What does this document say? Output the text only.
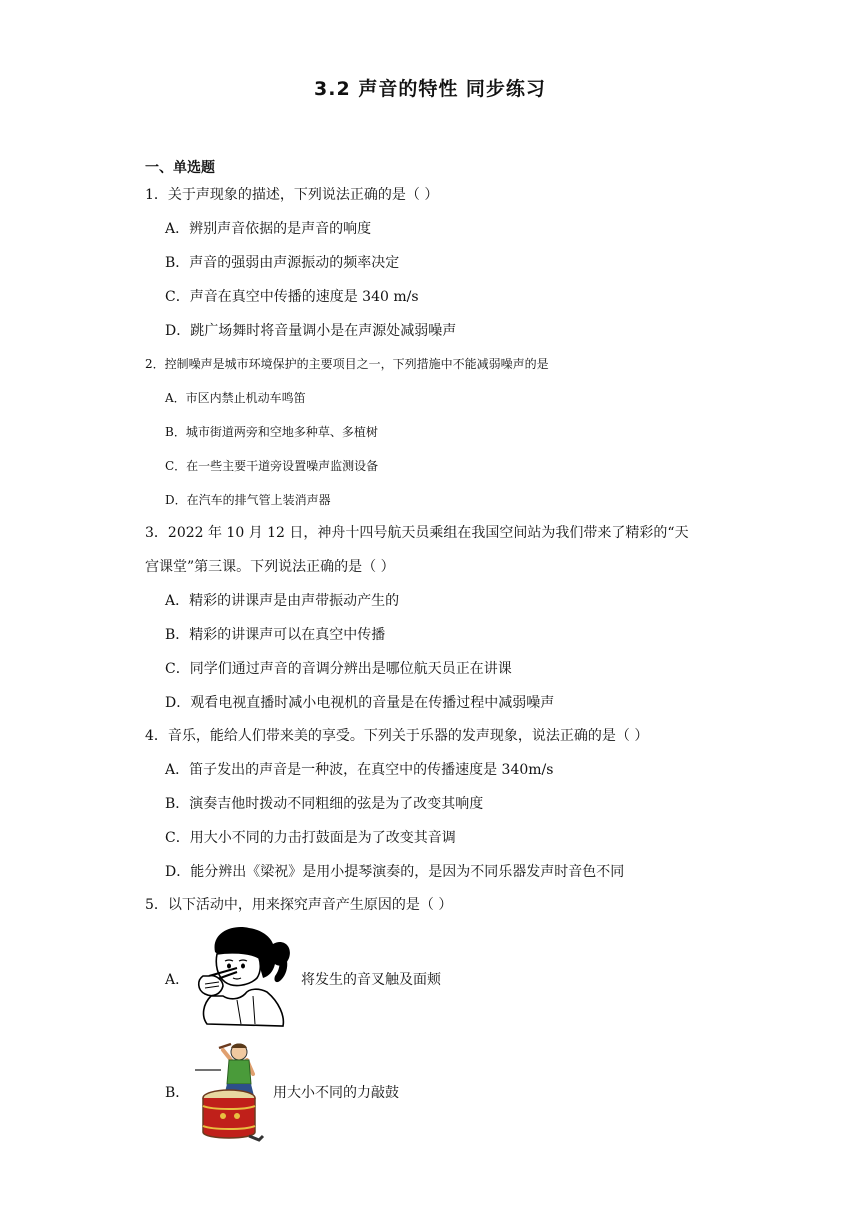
3.2 声音的特性 同步练习
一、单选题
1．关于声现象的描述，下列说法正确的是（ ）
A．辨别声音依据的是声音的响度
B．声音的强弱由声源振动的频率决定
C．声音在真空中传播的速度是 340 m/s
D．跳广场舞时将音量调小是在声源处减弱噪声
2．控制噪声是城市环境保护的主要项目之一，下列措施中不能减弱噪声的是
A．市区内禁止机动车鸣笛
B．城市街道两旁和空地多种草、多植树
C．在一些主要干道旁设置噪声监测设备
D．在汽车的排气管上装消声器
3．2022 年 10 月 12 日，神舟十四号航天员乘组在我国空间站为我们带来了精彩的“天
宫课堂”第三课。下列说法正确的是（ ）
A．精彩的讲课声是由声带振动产生的
B．精彩的讲课声可以在真空中传播
C．同学们通过声音的音调分辨出是哪位航天员正在讲课
D．观看电视直播时减小电视机的音量是在传播过程中减弱噪声
4．音乐，能给人们带来美的享受。下列关于乐器的发声现象，说法正确的是（ ）
A．笛子发出的声音是一种波，在真空中的传播速度是 340m/s
B．演奏吉他时拨动不同粗细的弦是为了改变其响度
C．用大小不同的力击打鼓面是为了改变其音调
D．能分辨出《梁祝》是用小提琴演奏的，是因为不同乐器发声时音色不同
5．以下活动中，用来探究声音产生原因的是（ ）
A．	将发生的音叉触及面颊
B．	用大小不同的力敲鼓
